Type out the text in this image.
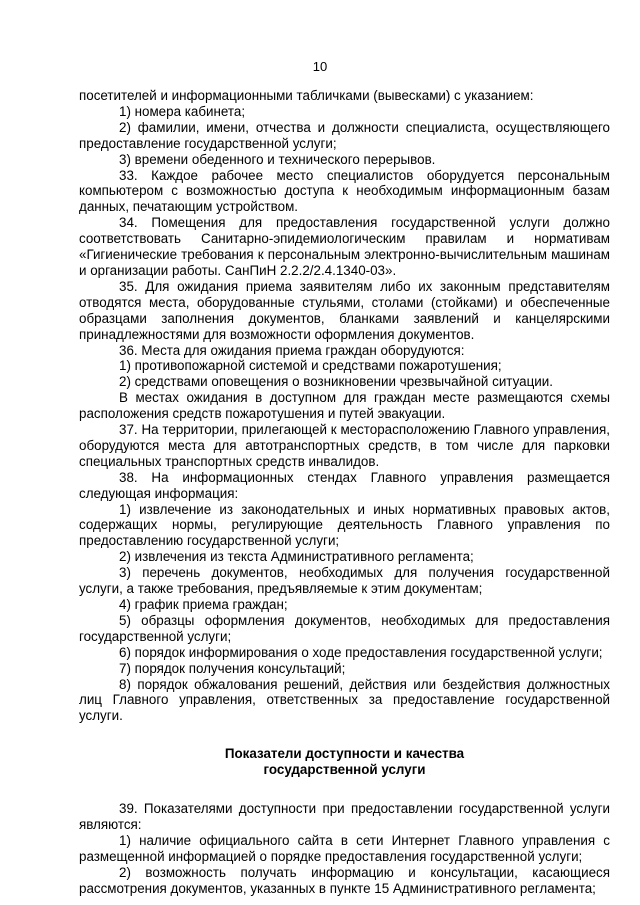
10

посетителей и информационными табличками (вывесками) с указанием:

1) номера кабинета;

2) фамилии, имени, отчества и должности специалиста, осуществляющего предоставление государственной услуги;

3) времени обеденного и технического перерывов.

33. Каждое рабочее место специалистов оборудуется персональным компьютером с возможностью доступа к необходимым информационным базам данных, печатающим устройством.

34. Помещения для предоставления государственной услуги должно соответствовать Санитарно-эпидемиологическим правилам и нормативам «Гигиенические требования к персональным электронно-вычислительным машинам и организации работы. СанПиН 2.2.2/2.4.1340-03».

35. Для ожидания приема заявителям либо их законным представителям отводятся места, оборудованные стульями, столами (стойками) и обеспеченные образцами заполнения документов, бланками заявлений и канцелярскими принадлежностями для возможности оформления документов.

36. Места для ожидания приема граждан оборудуются:

1) противопожарной системой и средствами пожаротушения;

2) средствами оповещения о возникновении чрезвычайной ситуации.

В местах ожидания в доступном для граждан месте размещаются схемы расположения средств пожаротушения и путей эвакуации.

37. На территории, прилегающей к месторасположению Главного управления, оборудуются места для автотранспортных средств, в том числе для парковки специальных транспортных средств инвалидов.

38. На информационных стендах Главного управления размещается следующая информация:

1) извлечение из законодательных и иных нормативных правовых актов, содержащих нормы, регулирующие деятельность Главного управления по предоставлению государственной услуги;

2) извлечения из текста Административного регламента;

3) перечень документов, необходимых для получения государственной услуги, а также требования, предъявляемые к этим документам;

4) график приема граждан;

5) образцы оформления документов, необходимых для предоставления государственной услуги;

6) порядок информирования о ходе предоставления государственной услуги;

7) порядок получения консультаций;

8) порядок обжалования решений, действия или бездействия должностных лиц Главного управления, ответственных за предоставление государственной услуги.

Показатели доступности и качества
государственной услуги

39. Показателями доступности при предоставлении государственной услуги являются:

1) наличие официального сайта в сети Интернет Главного управления с размещенной информацией о порядке предоставления государственной услуги;

2) возможность получать информацию и консультации, касающиеся рассмотрения документов, указанных в пункте 15 Административного регламента;
